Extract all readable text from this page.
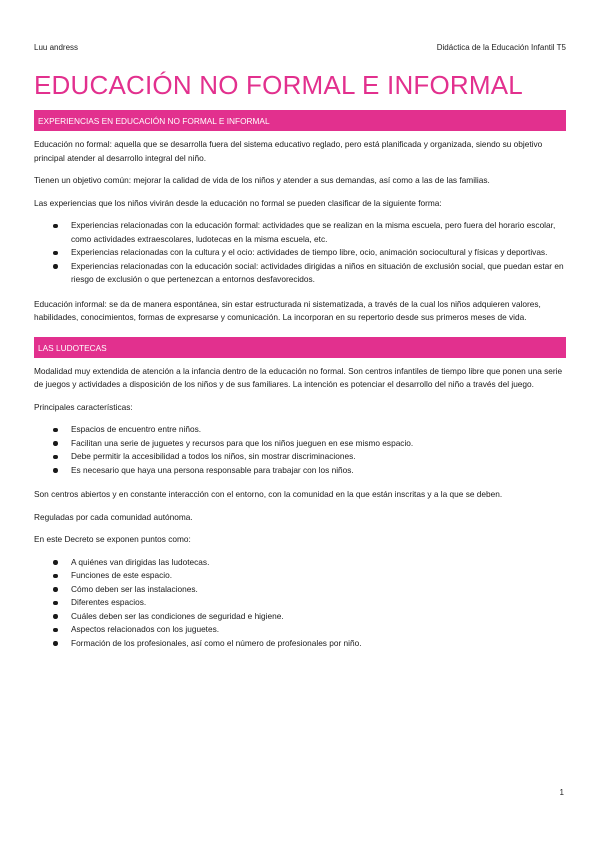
Luu andress	Didáctica de la Educación Infantil T5
EDUCACIÓN NO FORMAL E INFORMAL
EXPERIENCIAS EN EDUCACIÓN NO FORMAL E INFORMAL

Educación no formal: aquella que se desarrolla fuera del sistema educativo reglado, pero está planificada y organizada, siendo su objetivo principal atender al desarrollo integral del niño.

Tienen un objetivo común: mejorar la calidad de vida de los niños y atender a sus demandas, así como a las de las familias.

Las experiencias que los niños vivirán desde la educación no formal se pueden clasificar de la siguiente forma:

Experiencias relacionadas con la educación formal: actividades que se realizan en la misma escuela, pero fuera del horario escolar, como actividades extraescolares, ludotecas en la misma escuela, etc.
Experiencias relacionadas con la cultura y el ocio: actividades de tiempo libre, ocio, animación sociocultural y físicas y deportivas.
Experiencias relacionadas con la educación social: actividades dirigidas a niños en situación de exclusión social, que puedan estar en riesgo de exclusión o que pertenezcan a entornos desfavorecidos.

Educación informal: se da de manera espontánea, sin estar estructurada ni sistematizada, a través de la cual los niños adquieren valores, habilidades, conocimientos, formas de expresarse y comunicación. La incorporan en su repertorio desde sus primeros meses de vida.

LAS LUDOTECAS

Modalidad muy extendida de atención a la infancia dentro de la educación no formal. Son centros infantiles de tiempo libre que ponen una serie de juegos y actividades a disposición de los niños y de sus familiares. La intención es potenciar el desarrollo del niño a través del juego.

Principales características:

Espacios de encuentro entre niños.
Facilitan una serie de juguetes y recursos para que los niños jueguen en ese mismo espacio.
Debe permitir la accesibilidad a todos los niños, sin mostrar discriminaciones.
Es necesario que haya una persona responsable para trabajar con los niños.

Son centros abiertos y en constante interacción con el entorno, con la comunidad en la que están inscritas y a la que se deben.

Reguladas por cada comunidad autónoma.

En este Decreto se exponen puntos como:

A quiénes van dirigidas las ludotecas.
Funciones de este espacio.
Cómo deben ser las instalaciones.
Diferentes espacios.
Cuáles deben ser las condiciones de seguridad e higiene.
Aspectos relacionados con los juguetes.
Formación de los profesionales, así como el número de profesionales por niño.
1
